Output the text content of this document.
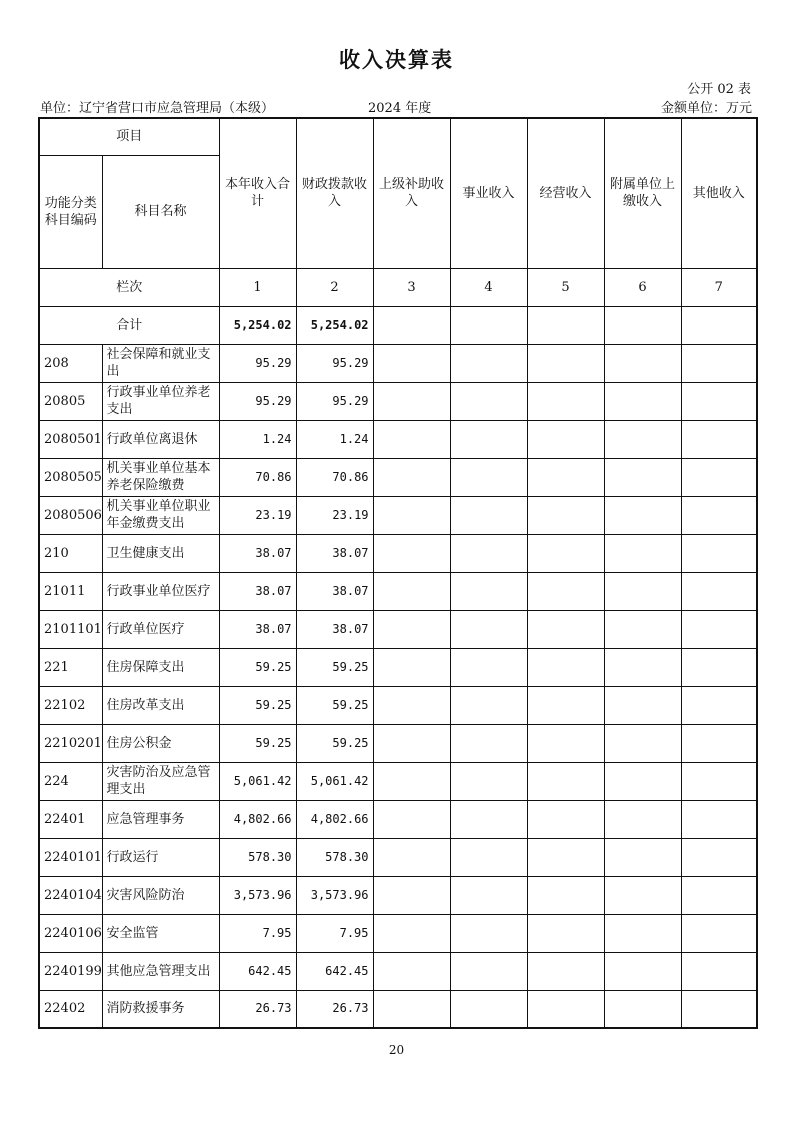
收入决算表
公开 02 表
单位：辽宁省营口市应急管理局（本级）	2024 年度	金额单位：万元
项目		本年收入合计	财政拨款收入	上级补助收入	事业收入	经营收入	附属单位上缴收入	其他收入
功能分类科目编码	科目名称							
栏次		1	2	3	4	5	6	7
合计		5,254.02	5,254.02					
208	社会保障和就业支出	95.29	95.29					
20805	行政事业单位养老支出	95.29	95.29					
2080501	行政单位离退休	1.24	1.24					
2080505	机关事业单位基本养老保险缴费	70.86	70.86					
2080506	机关事业单位职业年金缴费支出	23.19	23.19					
210	卫生健康支出	38.07	38.07					
21011	行政事业单位医疗	38.07	38.07					
2101101	行政单位医疗	38.07	38.07					
221	住房保障支出	59.25	59.25					
22102	住房改革支出	59.25	59.25					
2210201	住房公积金	59.25	59.25					
224	灾害防治及应急管理支出	5,061.42	5,061.42					
22401	应急管理事务	4,802.66	4,802.66					
2240101	行政运行	578.30	578.30					
2240104	灾害风险防治	3,573.96	3,573.96					
2240106	安全监管	7.95	7.95					
2240199	其他应急管理支出	642.45	642.45					
22402	消防救援事务	26.73	26.73					
20
